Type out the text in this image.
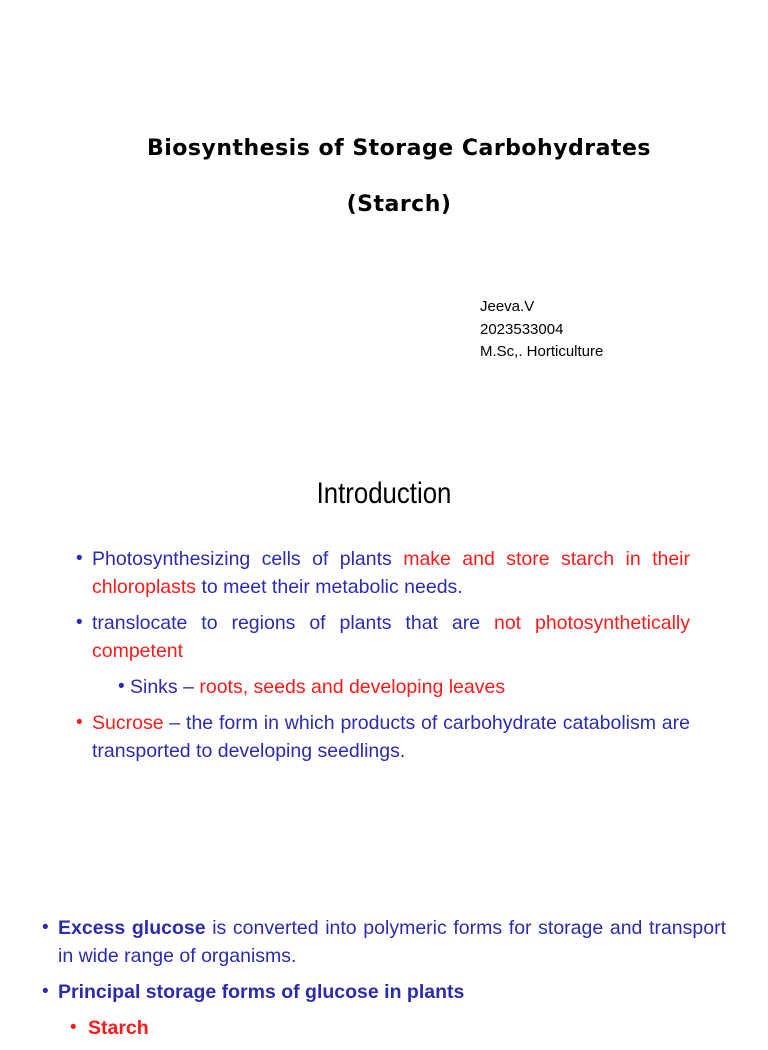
Biosynthesis of Storage Carbohydrates
(Starch)
Jeeva.V
2023533004
M.Sc,. Horticulture
Introduction
• Photosynthesizing cells of plants make and store starch in their chloroplasts to meet their metabolic needs.
• translocate to regions of plants that are not photosynthetically competent
• Sinks – roots, seeds and developing leaves
• Sucrose – the form in which products of carbohydrate catabolism are transported to developing seedlings.
• Excess glucose is converted into polymeric forms for storage and transport in wide range of organisms.
• Principal storage forms of glucose in plants
• Starch
